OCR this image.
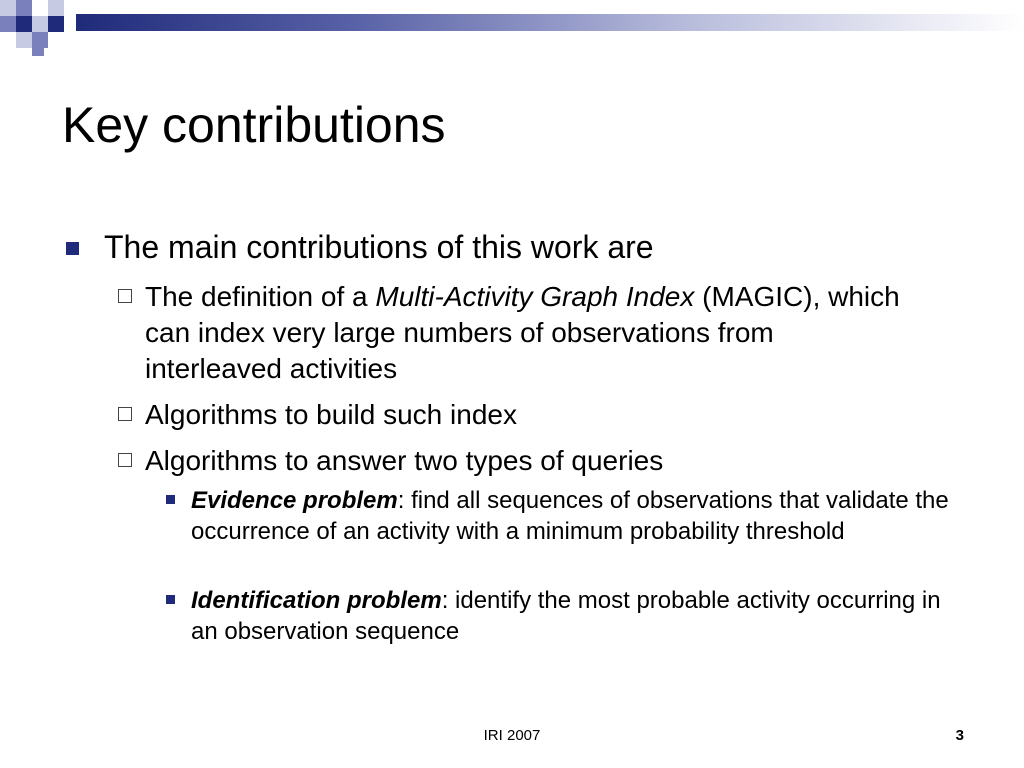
Key contributions
The main contributions of this work are
The definition of a Multi-Activity Graph Index (MAGIC), which can index very large numbers of observations from interleaved activities
Algorithms to build such index
Algorithms to answer two types of queries
Evidence problem: find all sequences of observations that validate the occurrence of an activity with a minimum probability threshold
Identification problem: identify the most probable activity occurring in an observation sequence
IRI 2007	3
